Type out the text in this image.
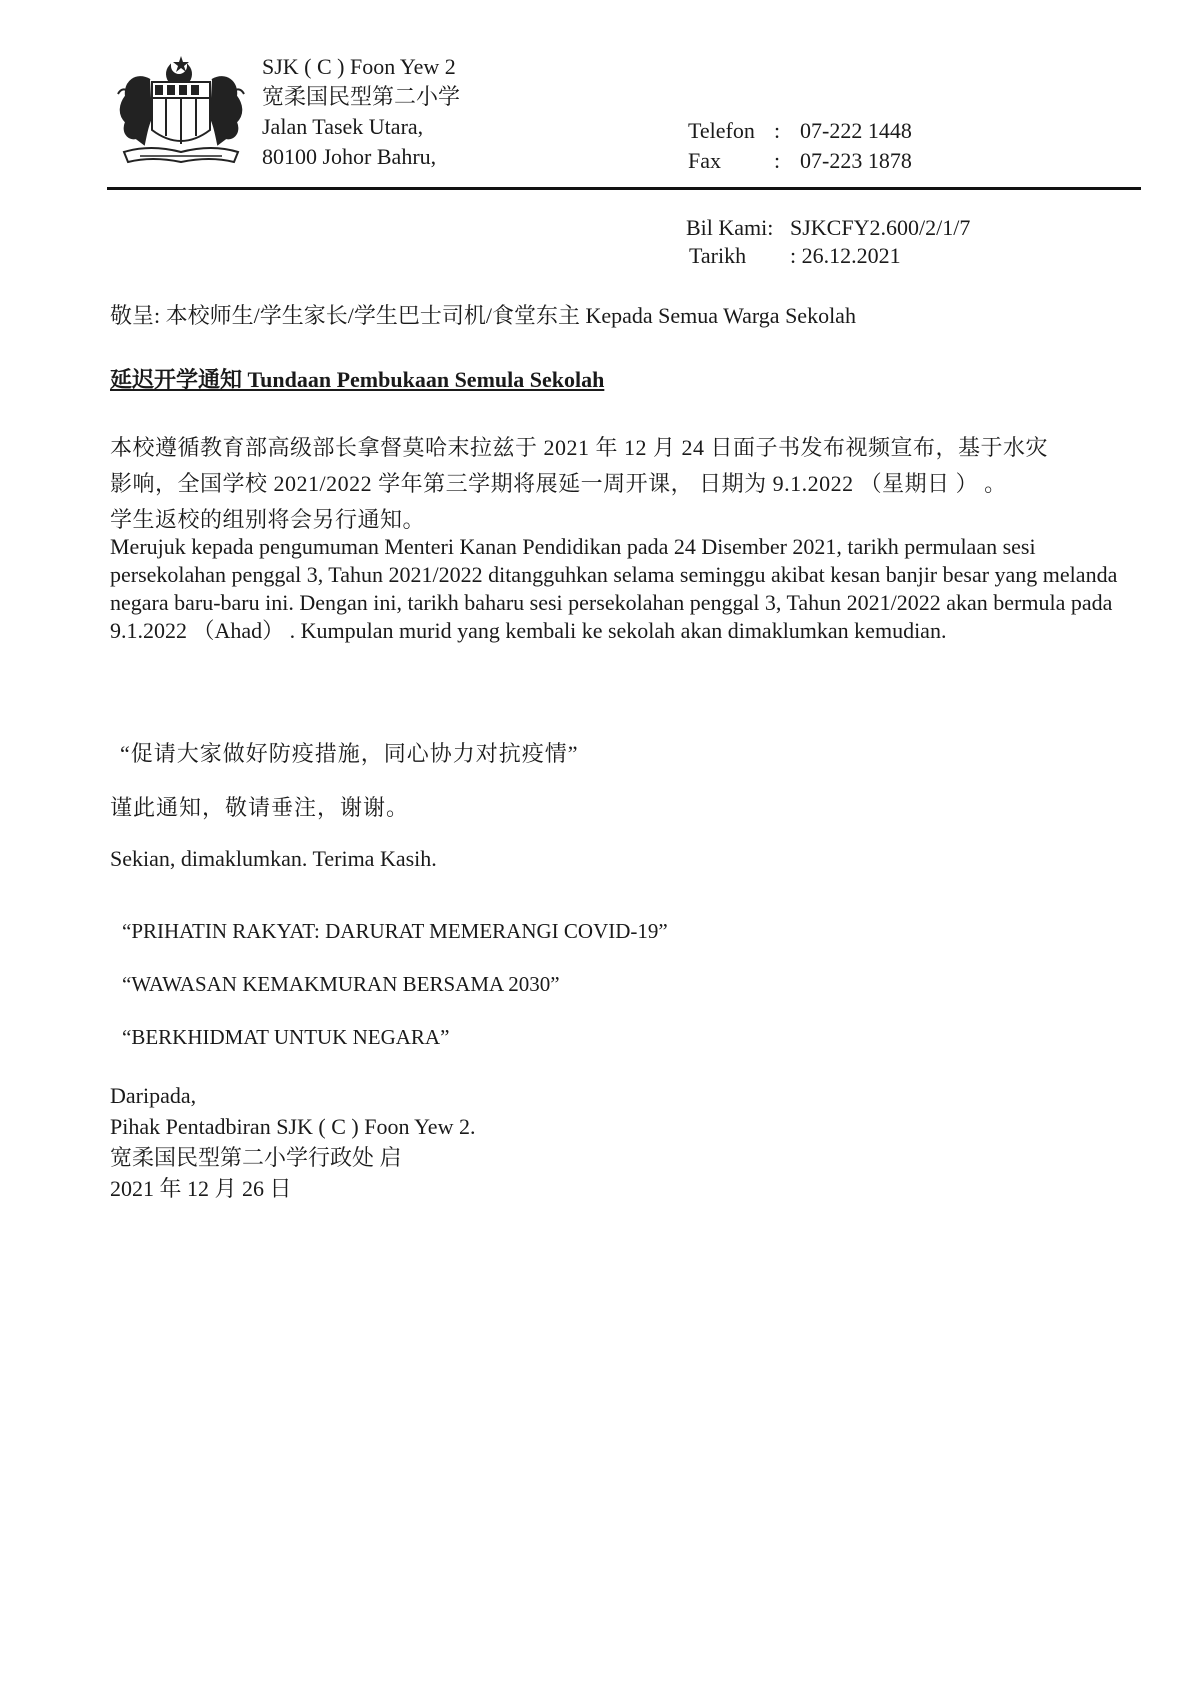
SJK ( C ) Foon Yew 2
宽柔国民型第二小学
Jalan Tasek Utara,
80100 Johor Bahru,
Telefon : 07-222 1448
Fax	: 07-223 1878
Bil Kami: SJKCFY2.600/2/1/7
Tarikh	: 26.12.2021
敬呈: 本校师生/学生家长/学生巴士司机/食堂东主 Kepada Semua Warga Sekolah
延迟开学通知 Tundaan Pembukaan Semula Sekolah

本校遵循教育部高级部长拿督莫哈末拉兹于 2021 年 12 月 24 日面子书发布视频宣布，基于水灾

影响，全国学校 2021/2022 学年第三学期将展延一周开课， 日期为 9.1.2022 （星期日 ） 。

学生返校的组别将会另行通知。

Merujuk kepada pengumuman Menteri Kanan Pendidikan pada 24 Disember 2021, tarikh permulaan sesi persekolahan penggal 3, Tahun 2021/2022 ditangguhkan selama seminggu akibat kesan banjir besar yang melanda negara baru-baru ini. Dengan ini, tarikh baharu sesi persekolahan penggal 3, Tahun 2021/2022 akan bermula pada 9.1.2022 （Ahad） . Kumpulan murid yang kembali ke sekolah akan dimaklumkan kemudian.
“促请大家做好防疫措施，同心协力对抗疫情”
谨此通知，敬请垂注，谢谢。
Sekian, dimaklumkan. Terima Kasih.
“PRIHATIN RAKYAT: DARURAT MEMERANGI COVID-19”
“WAWASAN KEMAKMURAN BERSAMA 2030”
“BERKHIDMAT UNTUK NEGARA”
Daripada,
Pihak Pentadbiran SJK ( C ) Foon Yew 2.
宽柔国民型第二小学行政处 启
2021 年 12 月 26 日
